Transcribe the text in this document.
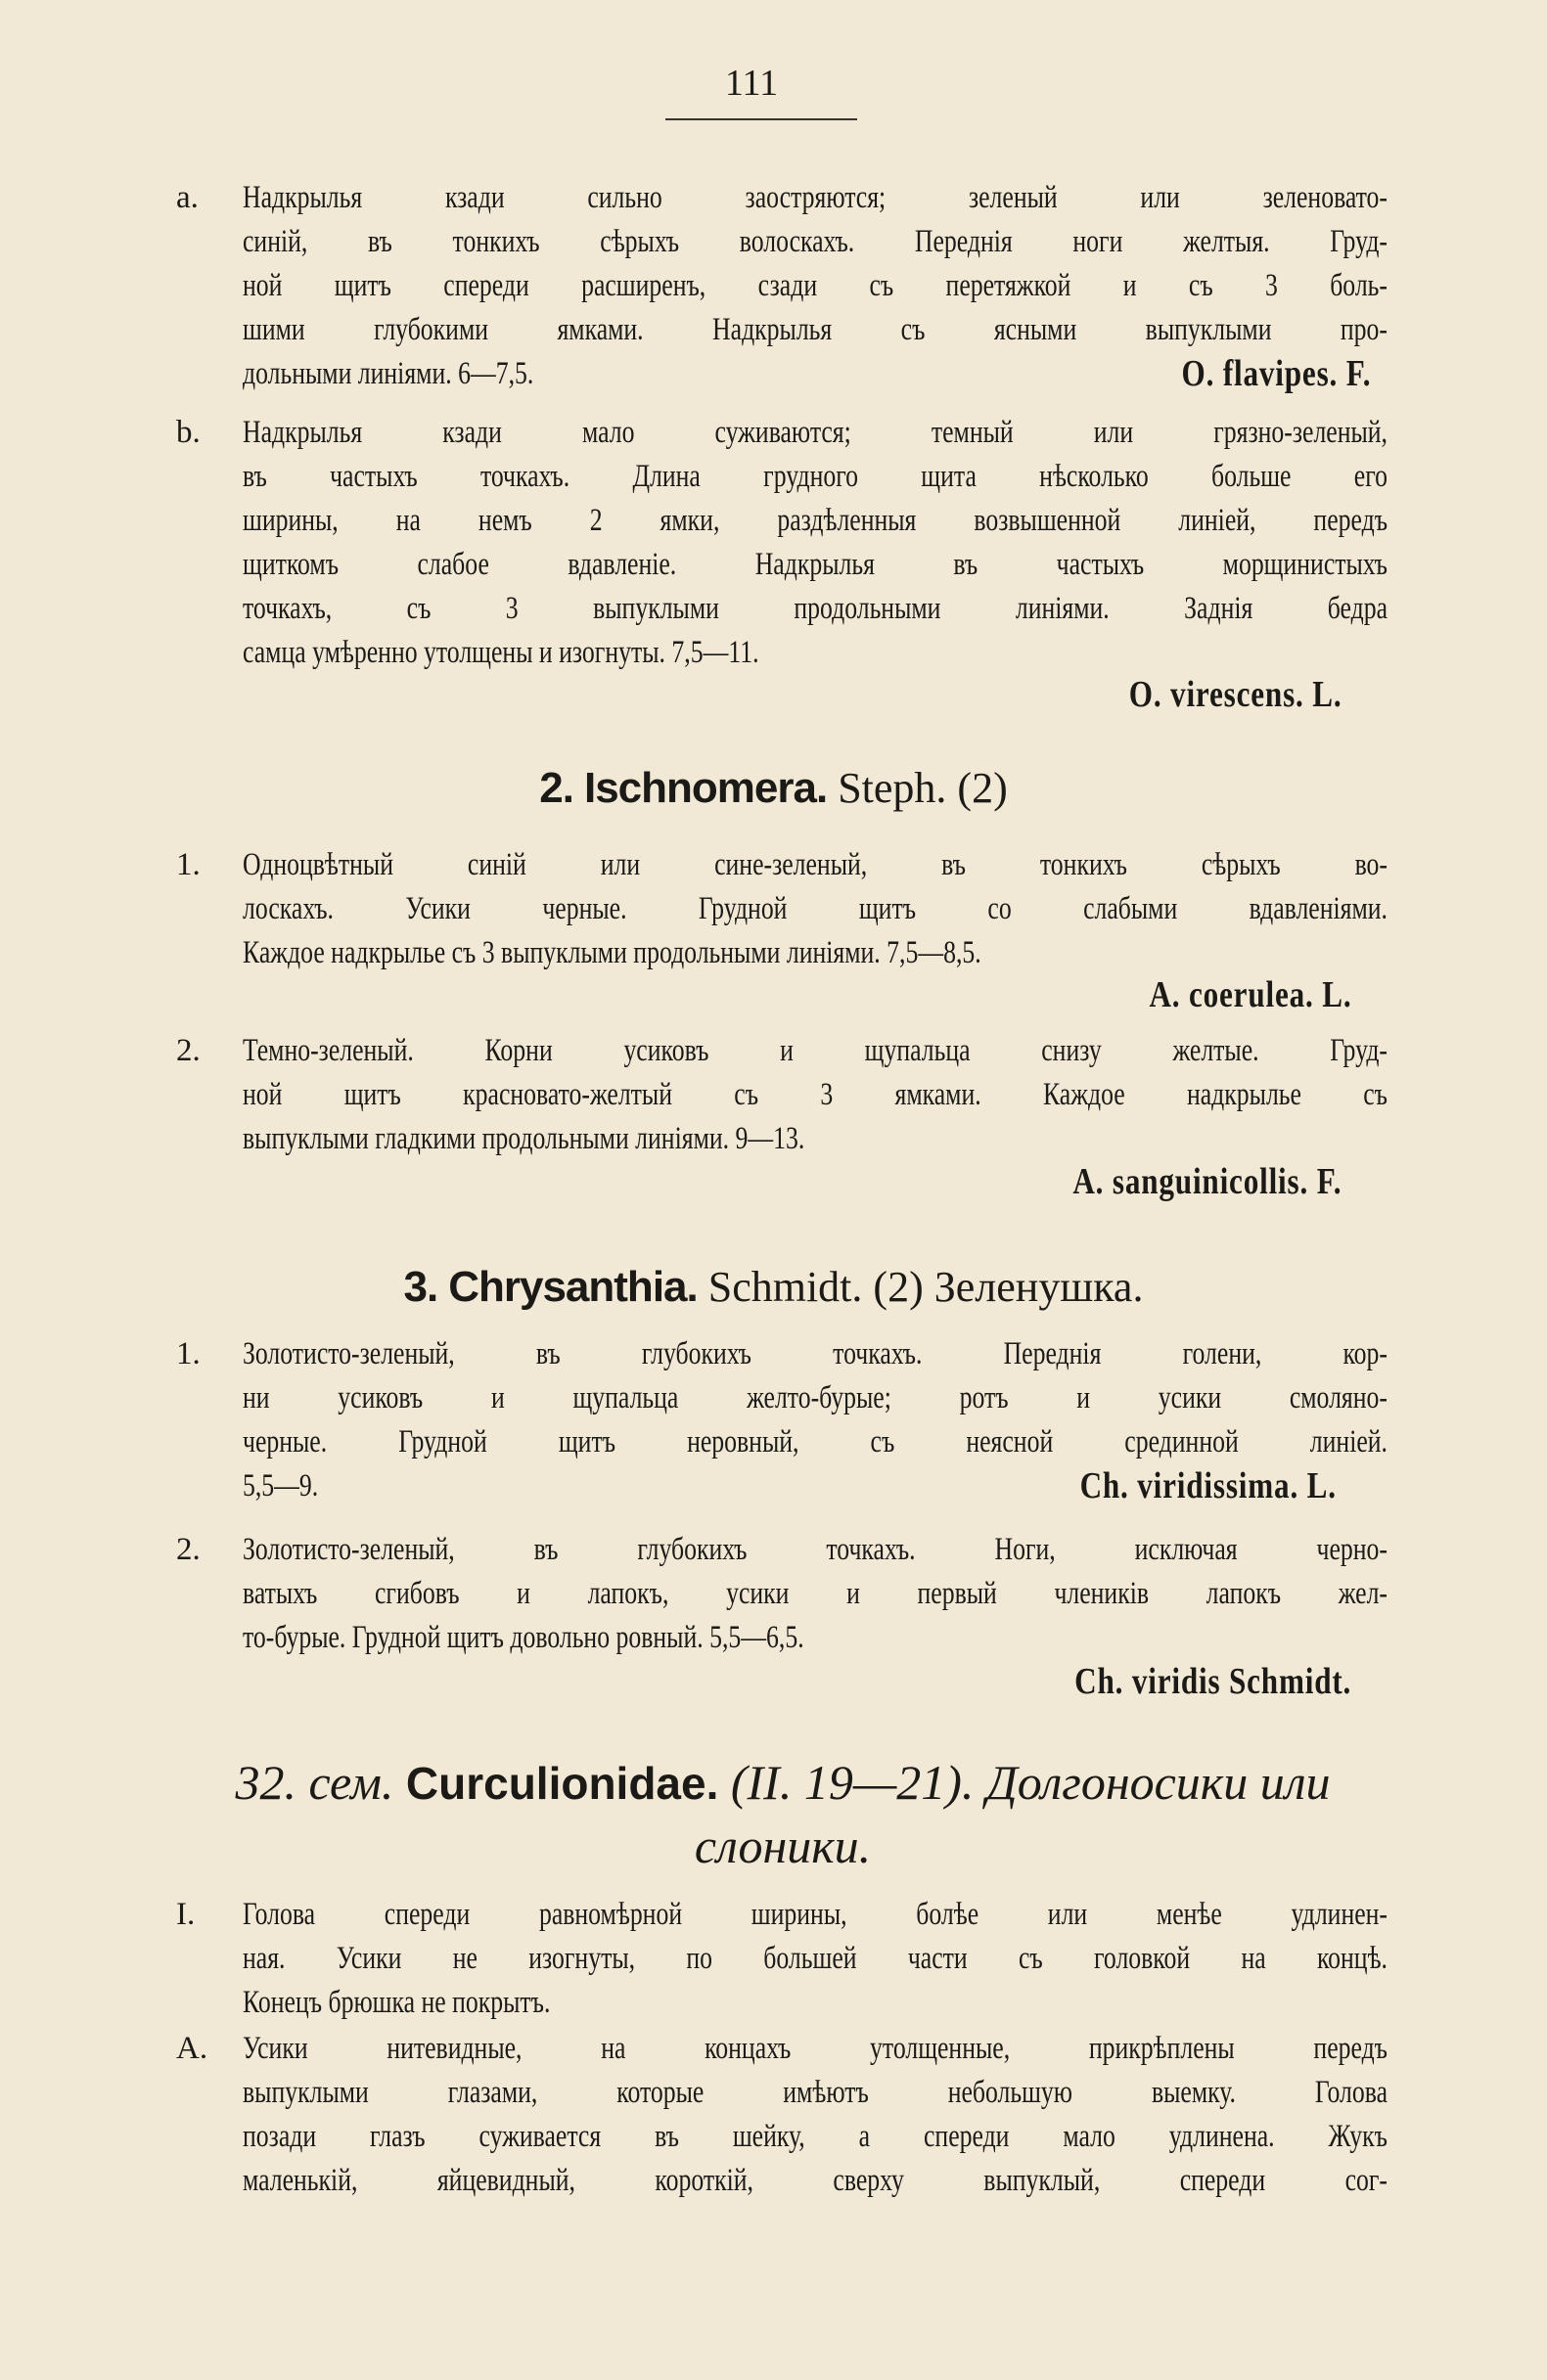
111
a.	Надкрылья кзади сильно заостряются; зеленый или зеленовато-
синій, въ тонкихъ сѣрыхъ волоскахъ. Переднія ноги желтыя. Груд-
ной щитъ спереди расширенъ, сзади съ перетяжкой и съ 3 боль-
шими глубокими ямками. Надкрылья съ ясными выпуклыми про-
дольными линіями. 6—7,5.	O. flavipes. F.
b.	Надкрылья кзади мало суживаются; темный или грязно-зеленый,
въ частыхъ точкахъ. Длина грудного щита нѣсколько больше его
ширины, на немъ 2 ямки, раздѣленныя возвышенной линіей, передъ
щиткомъ слабое вдавленіе. Надкрылья въ частыхъ морщинистыхъ
точкахъ, съ 3 выпуклыми продольными линіями. Заднія бедра
самца умѣренно утолщены и изогнуты. 7,5—11.
O. virescens. L.
2. Ischnomera. Steph. (2)
1.	Одноцвѣтный синій или сине-зеленый, въ тонкихъ сѣрыхъ во-
лоскахъ. Усики черные. Грудной щитъ со слабыми вдавленіями.
Каждое надкрылье съ 3 выпуклыми продольными линіями. 7,5—8,5.
A. coerulea. L.
2.	Темно-зеленый. Корни усиковъ и щупальца снизу желтые. Груд-
ной щитъ красновато-желтый съ 3 ямками. Каждое надкрылье съ
выпуклыми гладкими продольными линіями. 9—13.
A. sanguinicollis. F.
3. Chrysanthia. Schmidt. (2) Зеленушка.
1.	Золотисто-зеленый, въ глубокихъ точкахъ. Переднія голени, кор-
ни усиковъ и щупальца желто-бурые; ротъ и усики смоляно-
черные. Грудной щитъ неровный, съ неясной срединной линіей.
5,5—9.	Ch. viridissima. L.
2.	Золотисто-зеленый, въ глубокихъ точкахъ. Ноги, исключая черно-
ватыхъ сгибовъ и лапокъ, усики и первый члеників лапокъ жел-
то-бурые. Грудной щитъ довольно ровный. 5,5—6,5.
Ch. viridis Schmidt.
32. сем. Curculionidae. (II. 19—21). Долгоносики или
слоники.
I.	Голова спереди равномѣрной ширины, болѣе или менѣе удлинен-
ная. Усики не изогнуты, по большей части съ головкой на концѣ.
Конецъ брюшка не покрытъ.
A.	Усики нитевидные, на концахъ утолщенные, прикрѣплены передъ
выпуклыми глазами, которые имѣютъ небольшую выемку. Голова
позади глазъ суживается въ шейку, а спереди мало удлинена. Жукъ
маленькій, яйцевидный, короткій, сверху выпуклый, спереди сог-
